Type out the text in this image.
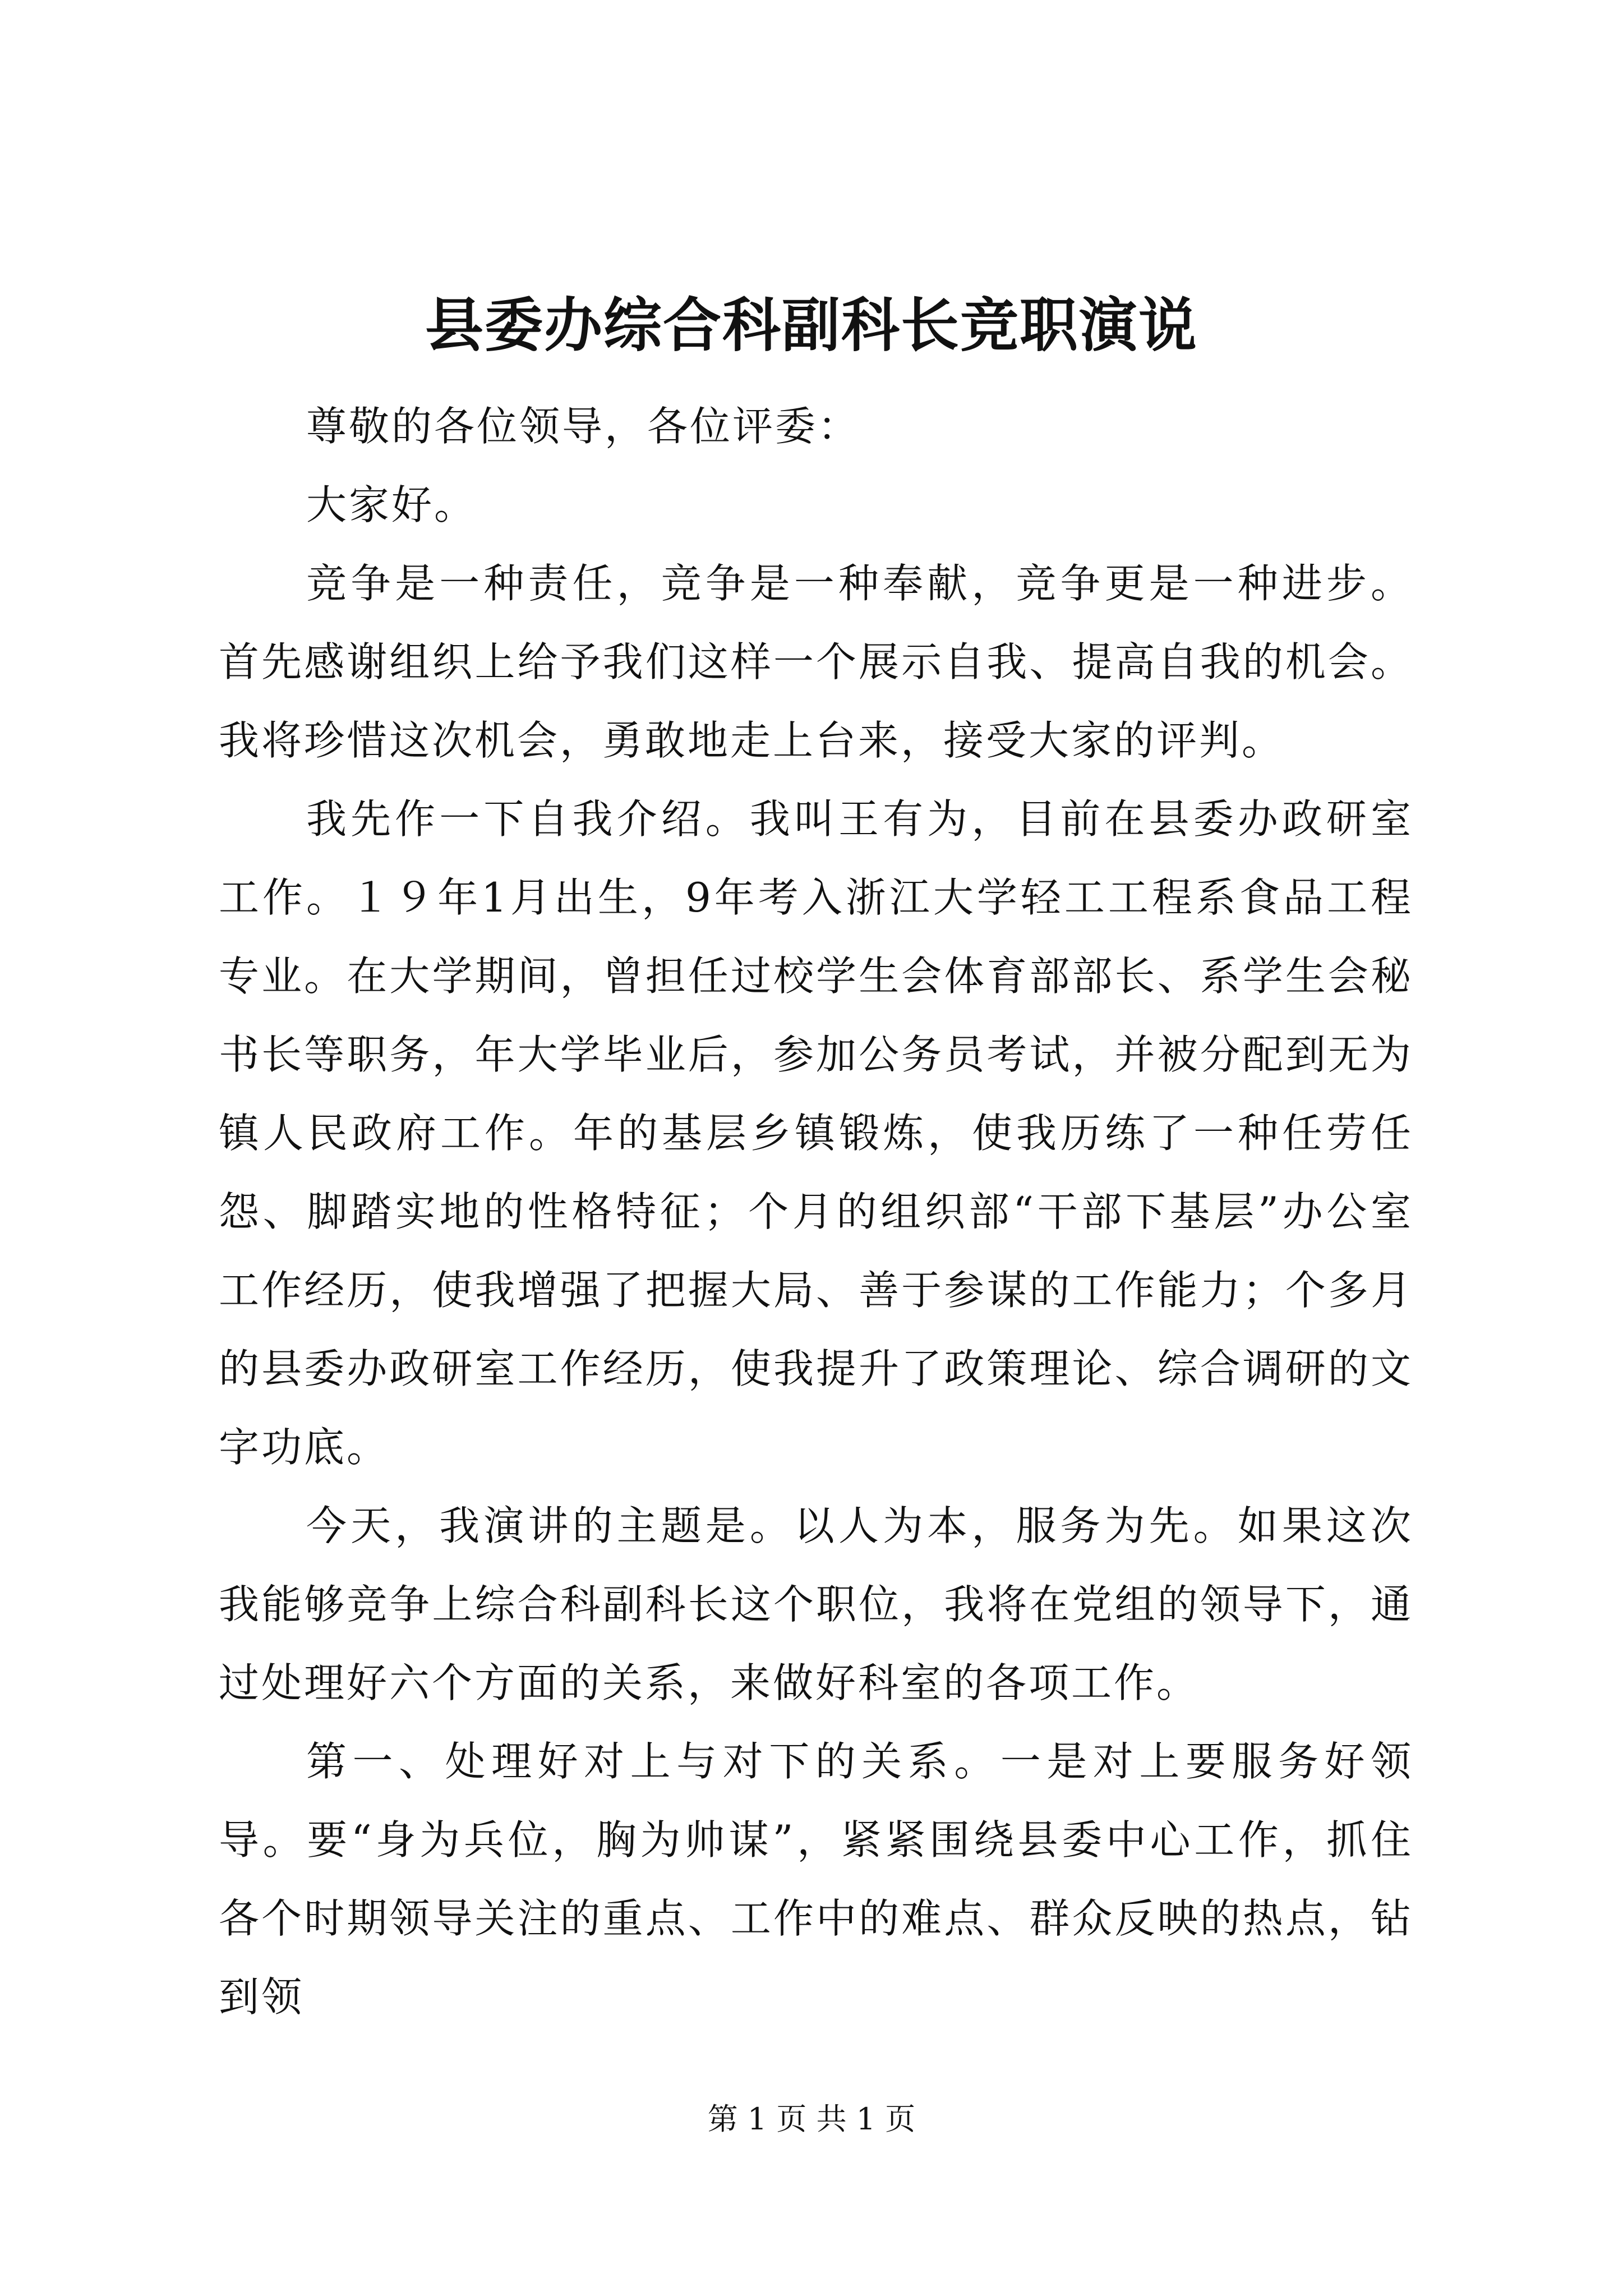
县委办综合科副科长竞职演说

尊敬的各位领导，各位评委：

大家好。

竞争是一种责任，竞争是一种奉献，竞争更是一种进步。首先感谢组织上给予我们这样一个展示自我、提高自我的机会。我将珍惜这次机会，勇敢地走上台来，接受大家的评判。

我先作一下自我介绍。我叫王有为，目前在县委办政研室工作。１９年1月出生，9年考入浙江大学轻工工程系食品工程专业。在大学期间，曾担任过校学生会体育部部长、系学生会秘书长等职务，年大学毕业后，参加公务员考试，并被分配到无为镇人民政府工作。年的基层乡镇锻炼，使我历练了一种任劳任怨、脚踏实地的性格特征；个月的组织部“干部下基层”办公室工作经历，使我增强了把握大局、善于参谋的工作能力；个多月的县委办政研室工作经历，使我提升了政策理论、综合调研的文字功底。

今天，我演讲的主题是。以人为本，服务为先。如果这次我能够竞争上综合科副科长这个职位，我将在党组的领导下，通过处理好六个方面的关系，来做好科室的各项工作。

第一、处理好对上与对下的关系。一是对上要服务好领导。要“身为兵位，胸为帅谋”，紧紧围绕县委中心工作，抓住各个时期领导关注的重点、工作中的难点、群众反映的热点，钻到领

第 1 页 共 1 页
